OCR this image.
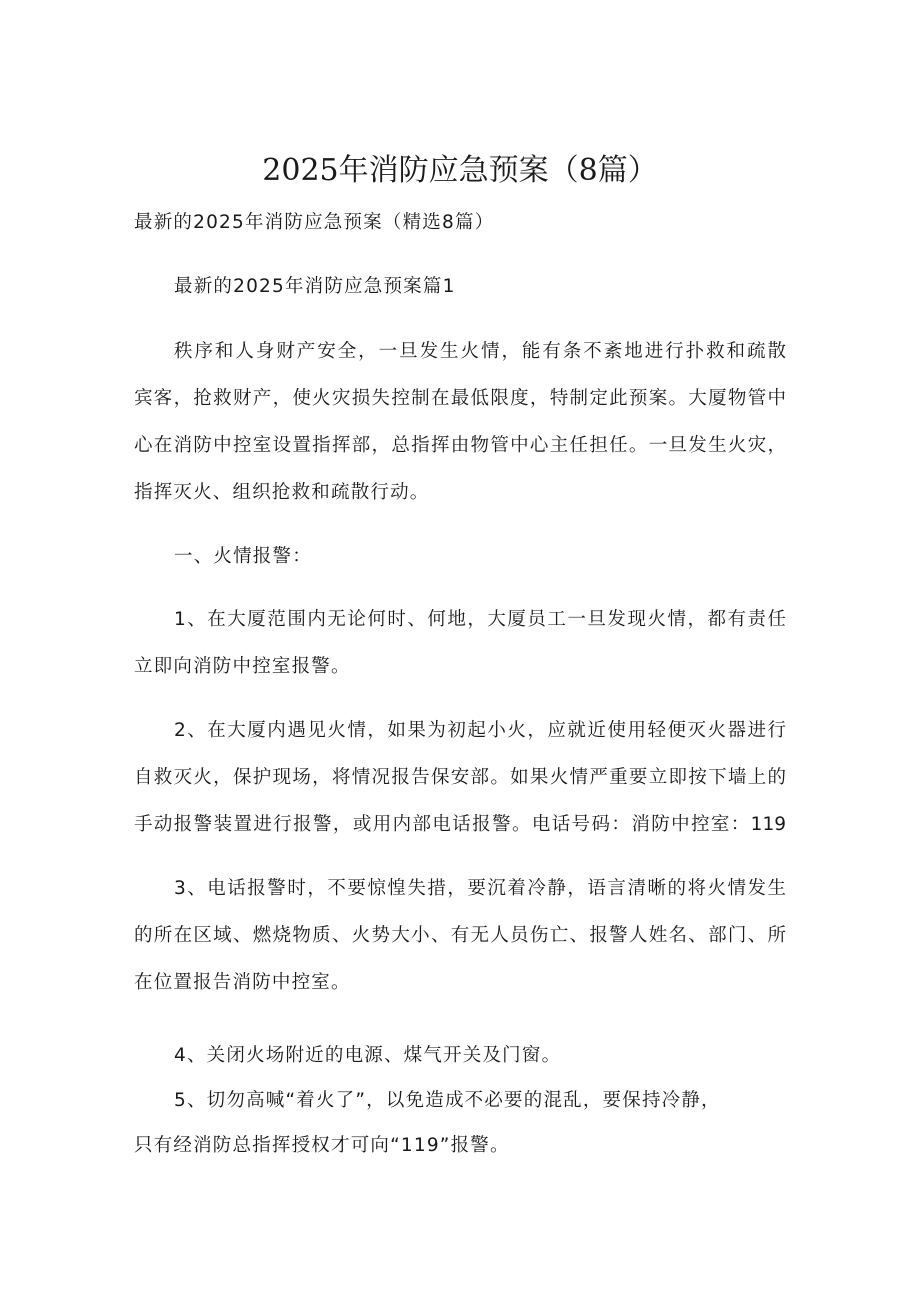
2025年消防应急预案（8篇）

最新的2025年消防应急预案（精选8篇）

最新的2025年消防应急预案篇1

秩序和人身财产安全，一旦发生火情，能有条不紊地进行扑救和疏散

宾客，抢救财产，使火灾损失控制在最低限度，特制定此预案。大厦物管中

心在消防中控室设置指挥部，总指挥由物管中心主任担任。一旦发生火灾，

指挥灭火、组织抢救和疏散行动。

一、火情报警：

1、在大厦范围内无论何时、何地，大厦员工一旦发现火情，都有责任

立即向消防中控室报警。

2、在大厦内遇见火情，如果为初起小火，应就近使用轻便灭火器进行

自救灭火，保护现场，将情况报告保安部。如果火情严重要立即按下墙上的

手动报警装置进行报警，或用内部电话报警。电话号码：消防中控室：119

3、电话报警时，不要惊惶失措，要沉着冷静，语言清晰的将火情发生

的所在区域、燃烧物质、火势大小、有无人员伤亡、报警人姓名、部门、所

在位置报告消防中控室。

4、关闭火场附近的电源、煤气开关及门窗。

5、切勿高喊“着火了”，以免造成不必要的混乱，要保持冷静，

只有经消防总指挥授权才可向“119”报警。
